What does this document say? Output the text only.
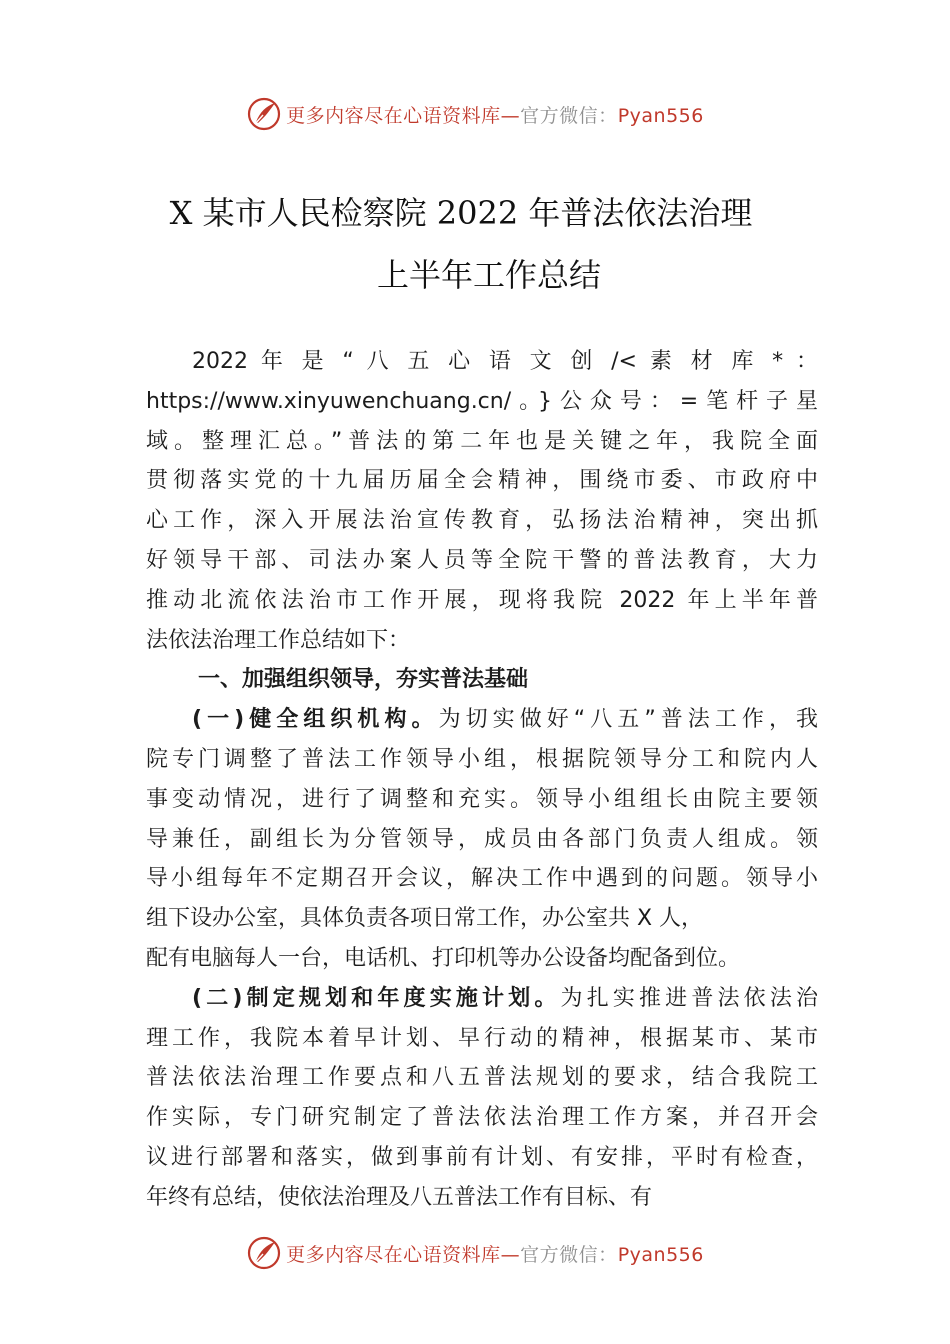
更多内容尽在心语资料库—官方微信：Pyan556
X 某市人民检察院 2022 年普法依法治理
上半年工作总结
2022 年 是 “ 八 五 心 语 文 创 /< 素 材 库 * ：
https://www.xinyuwenchuang.cn/。}公众号：=笔杆子星
域。整理汇总。”普法的第二年也是关键之年，我院全面
贯彻落实党的十九届历届全会精神，围绕市委、市政府中
心工作，深入开展法治宣传教育，弘扬法治精神，突出抓
好领导干部、司法办案人员等全院干警的普法教育，大力
推动北流依法治市工作开展，现将我院 2022 年上半年普
法依法治理工作总结如下：
一、加强组织领导，夯实普法基础
(一)健全组织机构。为切实做好“八五”普法工作，我
院专门调整了普法工作领导小组，根据院领导分工和院内人
事变动情况，进行了调整和充实。领导小组组长由院主要领
导兼任，副组长为分管领导，成员由各部门负责人组成。领
导小组每年不定期召开会议，解决工作中遇到的问题。领导小
组下设办公室，具体负责各项日常工作，办公室共 X 人，
配有电脑每人一台，电话机、打印机等办公设备均配备到位。
(二)制定规划和年度实施计划。为扎实推进普法依法治
理工作，我院本着早计划、早行动的精神，根据某市、某市
普法依法治理工作要点和八五普法规划的要求，结合我院工
作实际，专门研究制定了普法依法治理工作方案，并召开会
议进行部署和落实，做到事前有计划、有安排，平时有检查，
年终有总结，使依法治理及八五普法工作有目标、有
更多内容尽在心语资料库—官方微信：Pyan556
